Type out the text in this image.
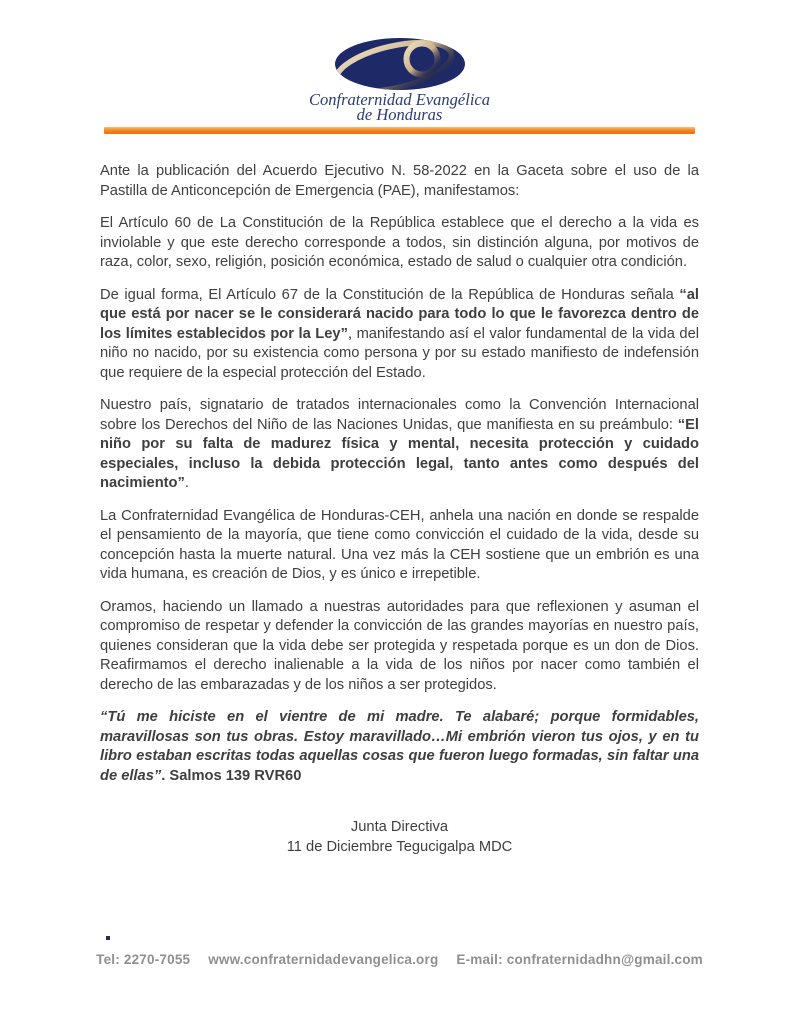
Confraternidad Evangélica
de Honduras

Ante la publicación del Acuerdo Ejecutivo N. 58-2022 en la Gaceta sobre el uso de la Pastilla de Anticoncepción de Emergencia (PAE), manifestamos:

El Artículo 60 de La Constitución de la República establece que el derecho a la vida es inviolable y que este derecho corresponde a todos, sin distinción alguna, por motivos de raza, color, sexo, religión, posición económica, estado de salud o cualquier otra condición.

De igual forma, El Artículo 67 de la Constitución de la República de Honduras señala “al que está por nacer se le considerará nacido para todo lo que le favorezca dentro de los límites establecidos por la Ley”, manifestando así el valor fundamental de la vida del niño no nacido, por su existencia como persona y por su estado manifiesto de indefensión que requiere de la especial protección del Estado.

Nuestro país, signatario de tratados internacionales como la Convención Internacional sobre los Derechos del Niño de las Naciones Unidas, que manifiesta en su preámbulo: “El niño por su falta de madurez física y mental, necesita protección y cuidado especiales, incluso la debida protección legal, tanto antes como después del nacimiento”.

La Confraternidad Evangélica de Honduras-CEH, anhela una nación en donde se respalde el pensamiento de la mayoría, que tiene como convicción el cuidado de la vida, desde su concepción hasta la muerte natural. Una vez más la CEH sostiene que un embrión es una vida humana, es creación de Dios, y es único e irrepetible.

Oramos, haciendo un llamado a nuestras autoridades para que reflexionen y asuman el compromiso de respetar y defender la convicción de las grandes mayorías en nuestro país, quienes consideran que la vida debe ser protegida y respetada porque es un don de Dios. Reafirmamos el derecho inalienable a la vida de los niños por nacer como también el derecho de las embarazadas y de los niños a ser protegidos.

“Tú me hiciste en el vientre de mi madre. Te alabaré; porque formidables, maravillosas son tus obras. Estoy maravillado…Mi embrión vieron tus ojos, y en tu libro estaban escritas todas aquellas cosas que fueron luego formadas, sin faltar una de ellas”. Salmos 139 RVR60

Junta Directiva
11 de Diciembre Tegucigalpa MDC
Tel: 2270-7055 www.confraternidadevangelica.org E-mail: confraternidadhn@gmail.com
